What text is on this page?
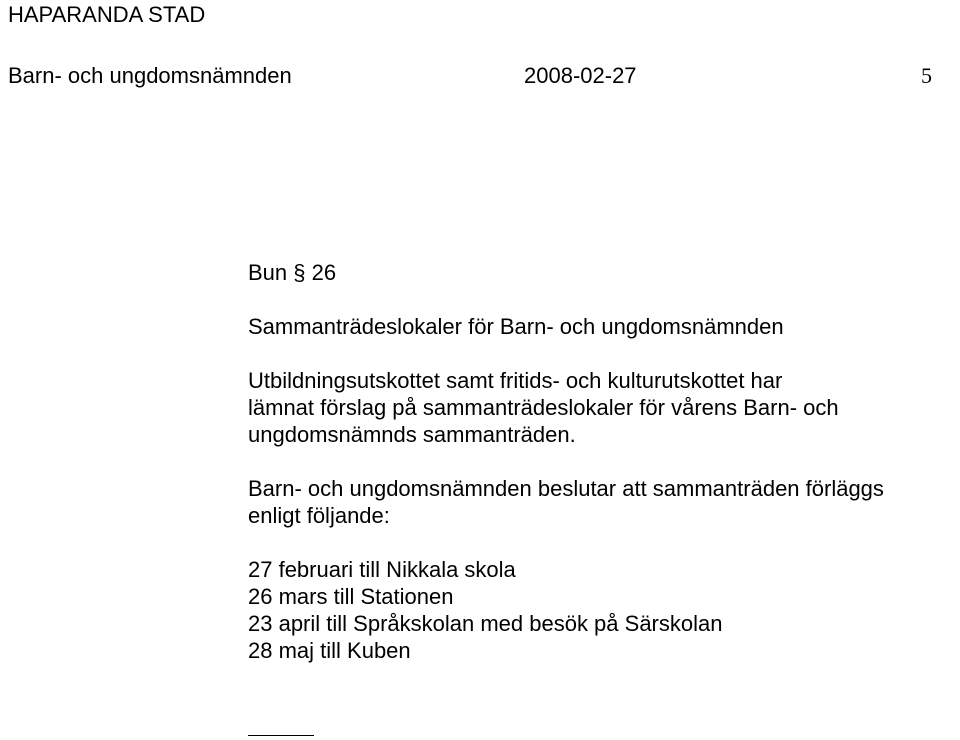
HAPARANDA STAD
Barn- och ungdomsnämnden	2008-02-27	5
Bun § 26
Sammanträdeslokaler för Barn- och ungdomsnämnden
Utbildningsutskottet samt fritids- och kulturutskottet har
lämnat förslag på sammanträdeslokaler för vårens Barn- och
ungdomsnämnds sammanträden.
Barn- och ungdomsnämnden beslutar att sammanträden förläggs
enligt följande:
27 februari till Nikkala skola
26 mars till Stationen
23 april till Språkskolan med besök på Särskolan
28 maj till Kuben
